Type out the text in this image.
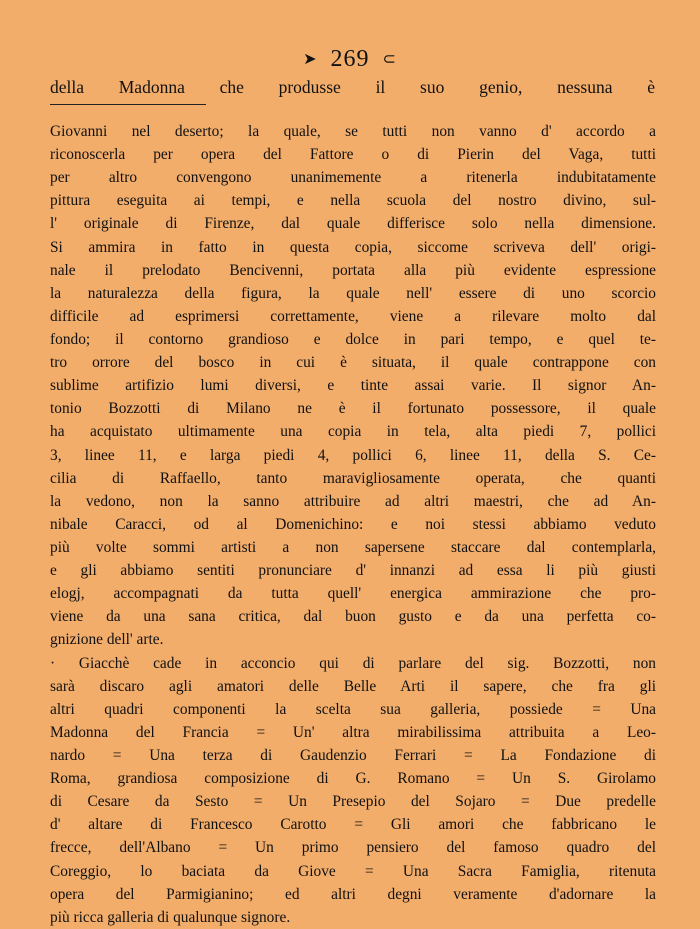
➤ 269 ⊂
della Madonna che produsse il suo genio, nessuna è
Giovanni nel deserto; la quale, se tutti non vanno d' accordo a
riconoscerla per opera del Fattore o di Pierin del Vaga, tutti
per altro convengono unanimemente a ritenerla indubitatamente
pittura eseguita ai tempi, e nella scuola del nostro divino, sul-
l' originale di Firenze, dal quale differisce solo nella dimensione.
Si ammira in fatto in questa copia, siccome scriveva dell' origi-
nale il prelodato Bencivenni, portata alla più evidente espressione
la naturalezza della figura, la quale nell' essere di uno scorcio
difficile ad esprimersi correttamente, viene a rilevare molto dal
fondo; il contorno grandioso e dolce in pari tempo, e quel te-
tro orrore del bosco in cui è situata, il quale contrappone con
sublime artifizio lumi diversi, e tinte assai varie. Il signor An-
tonio Bozzotti di Milano ne è il fortunato possessore, il quale
ha acquistato ultimamente una copia in tela, alta piedi 7, pollici
3, linee 11, e larga piedi 4, pollici 6, linee 11, della S. Ce-
cilia di Raffaello, tanto maravigliosamente operata, che quanti
la vedono, non la sanno attribuire ad altri maestri, che ad An-
nibale Caracci, od al Domenichino: e noi stessi abbiamo veduto
più volte sommi artisti a non sapersene staccare dal contemplarla,
e gli abbiamo sentiti pronunciare d' innanzi ad essa li più giusti
elogj, accompagnati da tutta quell' energica ammirazione che pro-
viene da una sana critica, dal buon gusto e da una perfetta co-
gnizione dell' arte.
· Giacchè cade in acconcio qui di parlare del sig. Bozzotti, non
sarà discaro agli amatori delle Belle Arti il sapere, che fra gli
altri quadri componenti la scelta sua galleria, possiede = Una
Madonna del Francia = Un' altra mirabilissima attribuita a Leo-
nardo = Una terza di Gaudenzio Ferrari = La Fondazione di
Roma, grandiosa composizione di G. Romano = Un S. Girolamo
di Cesare da Sesto = Un Presepio del Sojaro = Due predelle
d' altare di Francesco Carotto = Gli amori che fabbricano le
frecce, dell'Albano = Un primo pensiero del famoso quadro del
Coreggio, lo baciata da Giove = Una Sacra Famiglia, ritenuta
opera del Parmigianino; ed altri degni veramente d'adornare la
più ricca galleria di qualunque signore.
